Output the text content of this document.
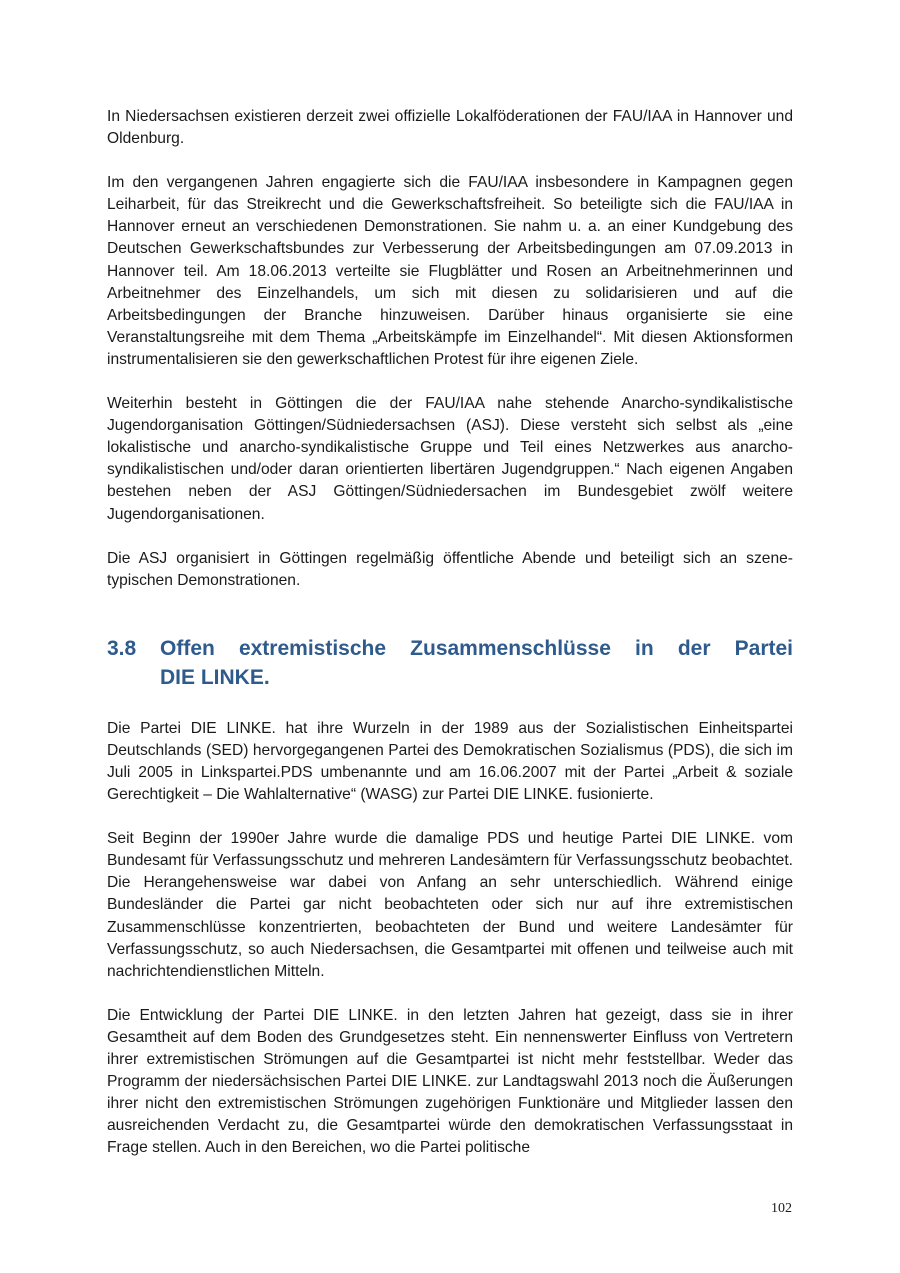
In Niedersachsen existieren derzeit zwei offizielle Lokalföderationen der FAU/IAA in Hannover und Oldenburg.

Im den vergangenen Jahren engagierte sich die FAU/IAA insbesondere in Kampagnen gegen Leiharbeit, für das Streikrecht und die Gewerkschaftsfreiheit. So beteiligte sich die FAU/IAA in Hannover erneut an verschiedenen Demonstrationen. Sie nahm u. a. an einer Kundgebung des Deutschen Gewerkschaftsbundes zur Verbesserung der Arbeitsbedingungen am 07.09.2013 in Hannover teil. Am 18.06.2013 verteilte sie Flugblätter und Rosen an Arbeitnehmerinnen und Arbeitnehmer des Einzelhandels, um sich mit diesen zu solidarisieren und auf die Arbeitsbedingungen der Branche hinzuweisen. Darüber hinaus organisierte sie eine Veranstaltungsreihe mit dem Thema „Arbeitskämpfe im Einzelhandel“. Mit diesen Aktionsformen instrumentalisieren sie den gewerkschaftlichen Protest für ihre eigenen Ziele.

Weiterhin besteht in Göttingen die der FAU/IAA nahe stehende Anarcho-syndikalistische Jugendorganisation Göttingen/Südniedersachsen (ASJ). Diese versteht sich selbst als „eine lokalistische und anarcho-syndikalistische Gruppe und Teil eines Netzwerkes aus anarcho-syndikalistischen und/oder daran orientierten libertären Jugendgruppen.“ Nach eigenen Angaben bestehen neben der ASJ Göttingen/Südniedersachen im Bundesgebiet zwölf weitere Jugendorganisationen.

Die ASJ organisiert in Göttingen regelmäßig öffentliche Abende und beteiligt sich an szenetypischen Demonstrationen.

3.8	Offen extremistische Zusammenschlüsse in der Partei
DIE LINKE.

Die Partei DIE LINKE. hat ihre Wurzeln in der 1989 aus der Sozialistischen Einheitspartei Deutschlands (SED) hervorgegangenen Partei des Demokratischen Sozialismus (PDS), die sich im Juli 2005 in Linkspartei.PDS umbenannte und am 16.06.2007 mit der Partei „Arbeit & soziale Gerechtigkeit – Die Wahlalternative“ (WASG) zur Partei DIE LINKE. fusionierte.

Seit Beginn der 1990er Jahre wurde die damalige PDS und heutige Partei DIE LINKE. vom Bundesamt für Verfassungsschutz und mehreren Landesämtern für Verfassungsschutz beobachtet. Die Herangehensweise war dabei von Anfang an sehr unterschiedlich. Während einige Bundesländer die Partei gar nicht beobachteten oder sich nur auf ihre extremistischen Zusammenschlüsse konzentrierten, beobachteten der Bund und weitere Landesämter für Verfassungsschutz, so auch Niedersachsen, die Gesamtpartei mit offenen und teilweise auch mit nachrichtendienstlichen Mitteln.

Die Entwicklung der Partei DIE LINKE. in den letzten Jahren hat gezeigt, dass sie in ihrer Gesamtheit auf dem Boden des Grundgesetzes steht. Ein nennenswerter Einfluss von Vertretern ihrer extremistischen Strömungen auf die Gesamtpartei ist nicht mehr feststellbar. Weder das Programm der niedersächsischen Partei DIE LINKE. zur Landtagswahl 2013 noch die Äußerungen ihrer nicht den extremistischen Strömungen zugehörigen Funktionäre und Mitglieder lassen den ausreichenden Verdacht zu, die Gesamtpartei würde den demokratischen Verfassungsstaat in Frage stellen. Auch in den Bereichen, wo die Partei politische

102
